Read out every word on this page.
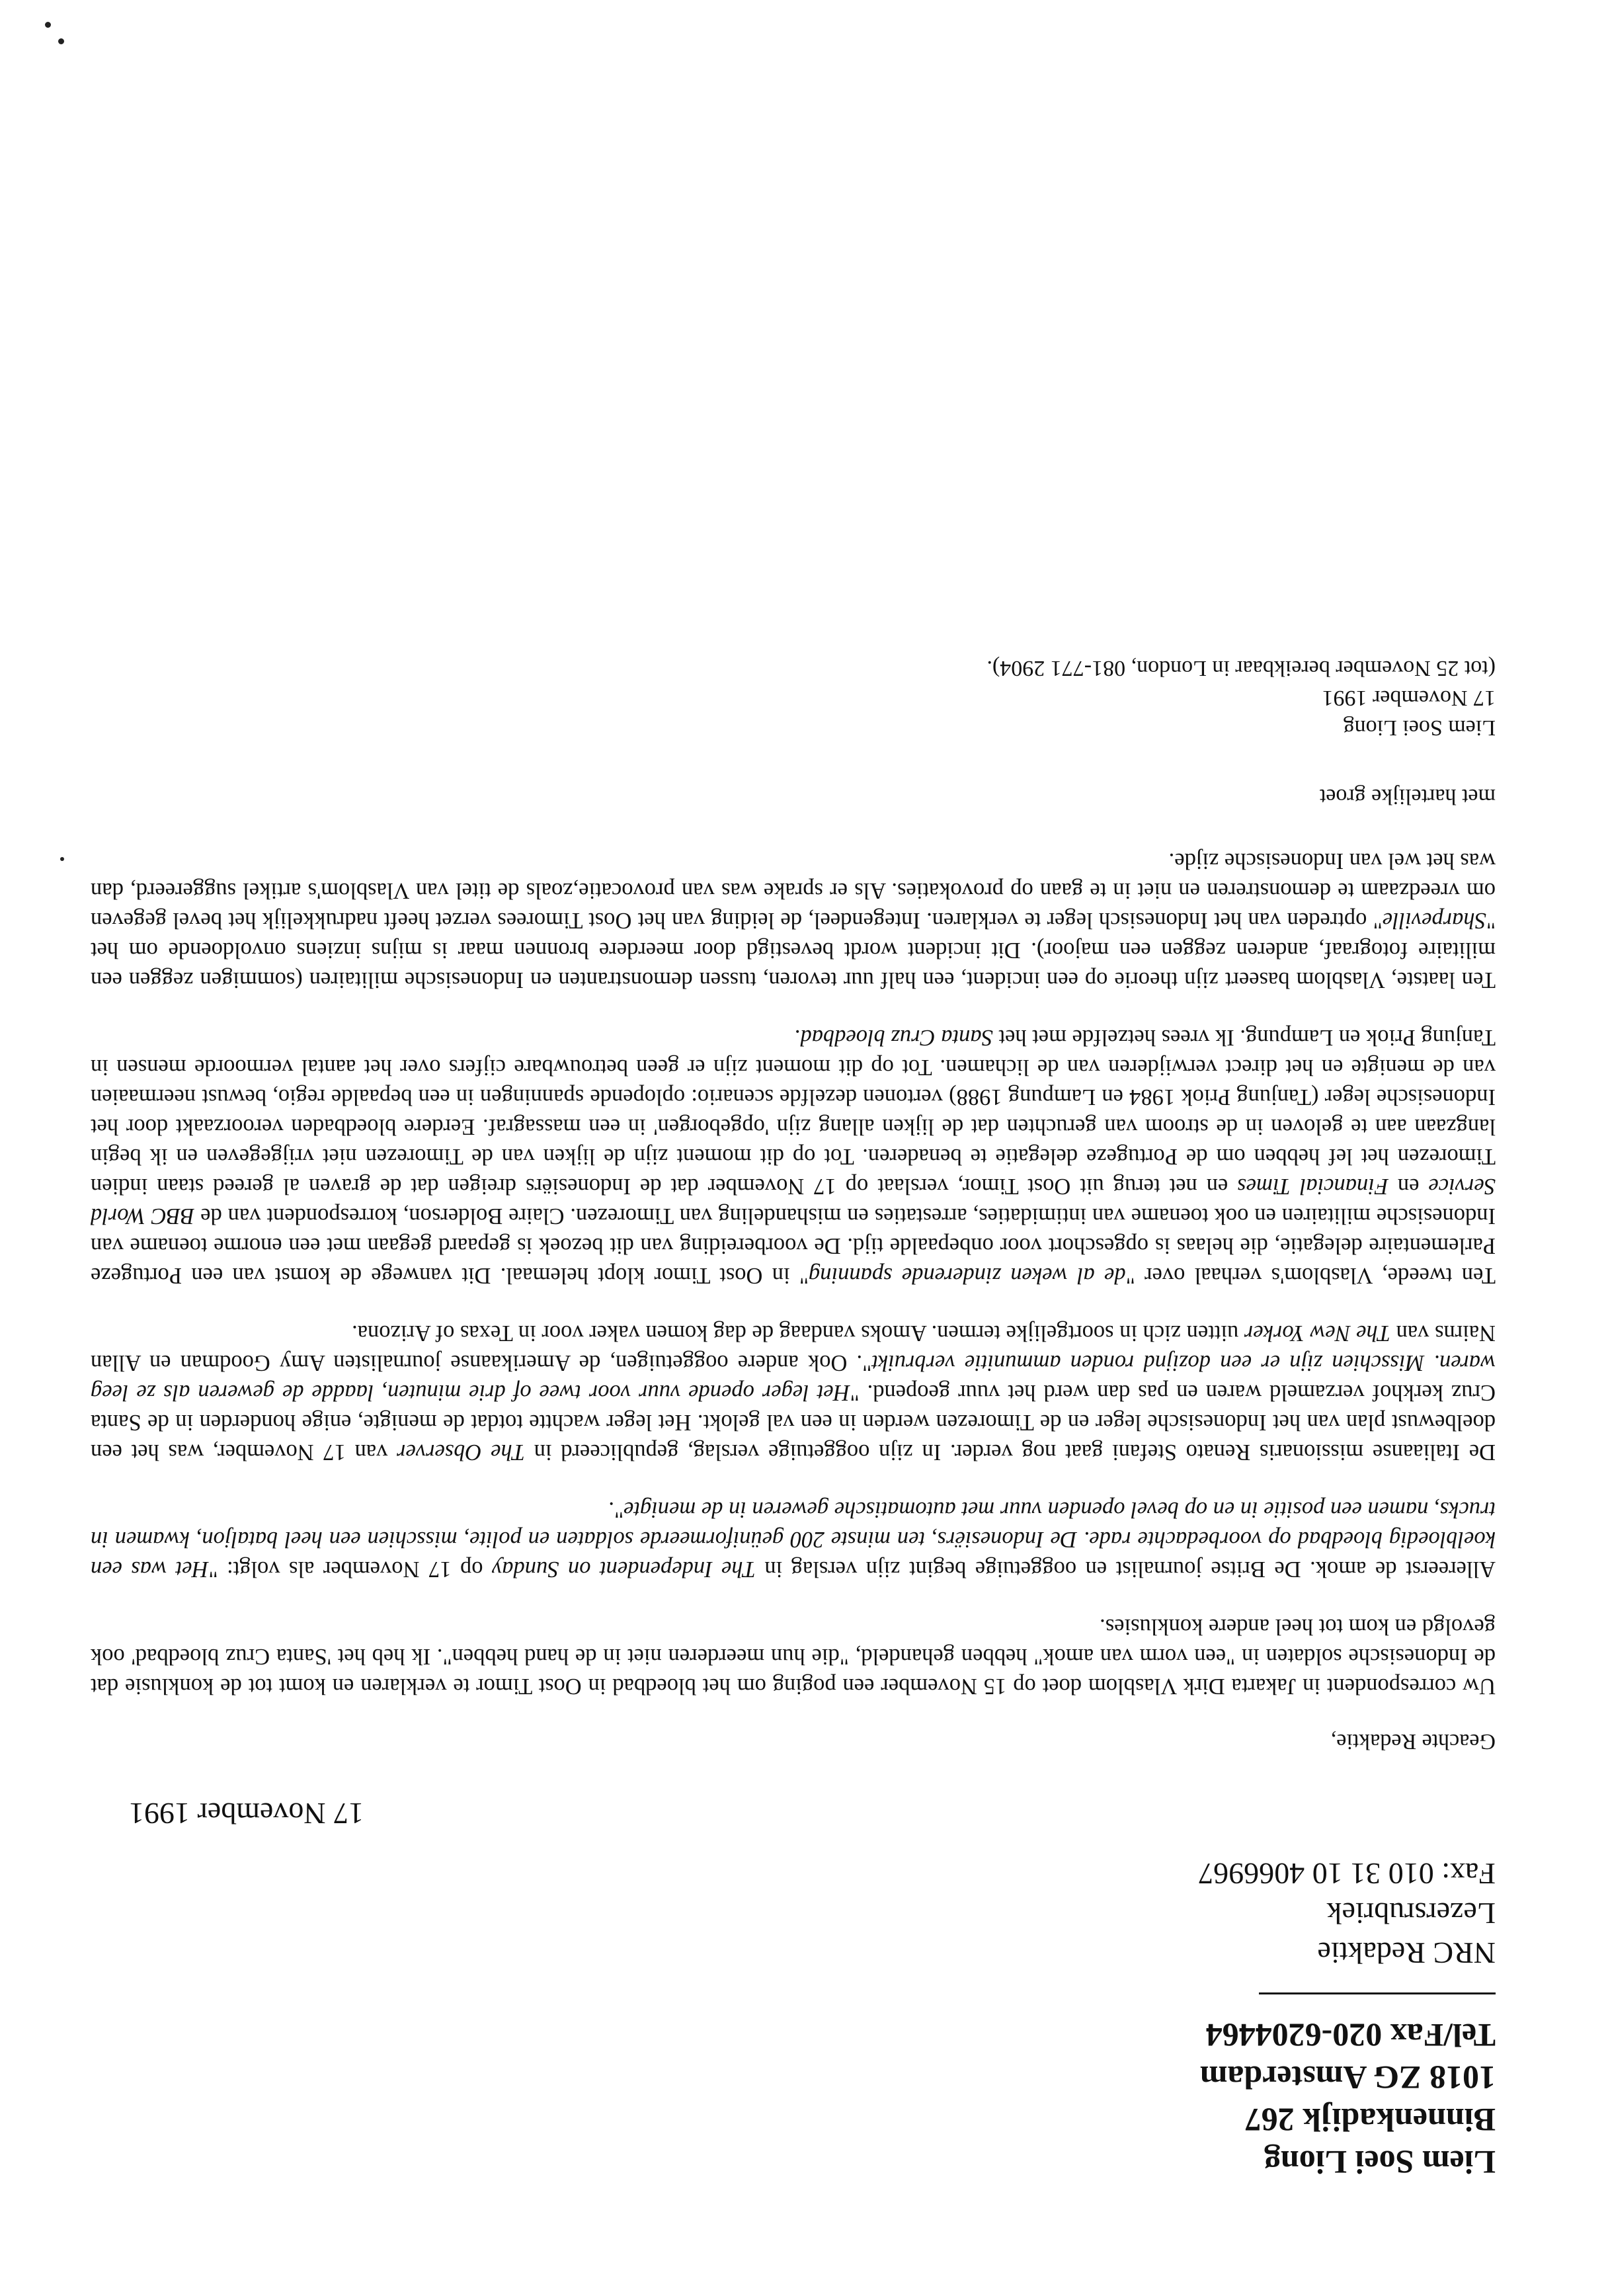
Liem Soei Liong
Binnenkadijk 267
1018 ZG Amsterdam
Tel/Fax 020-6204464
NRC Redaktie
Lezersrubriek
Fax: 010 31 10 4066967
17 November 1991
Geachte Redaktie,

Uw correspondent in Jakarta Dirk Vlasblom doet op 15 November een poging om het bloedbad in Oost Timor te verklaren en komt tot de konklusie dat de Indonesische soldaten in "een vorm van amok" hebben gehandeld, "die hun meerderen niet in de hand hebben". Ik heb het 'Santa Cruz bloedbad' ook gevolgd en kom tot heel andere konklusies.

Allereerst de amok. De Britse journalist en ooggetuige begint zijn verslag in The Independent on Sunday op 17 November als volgt: "Het was een koelbloedig bloedbad op voorbedachte rade. De Indonesiërs, ten minste 200 geüniformeerde soldaten en polite, misschien een heel bataljon, kwamen in trucks, namen een positie in en op bevel openden vuur met automatische geweren in de menigte".

De Italiaanse missionaris Renato Stefani gaat nog verder. In zijn ooggetuige verslag, gepubliceerd in The Observer van 17 November, was het een doelbewust plan van het Indonesische leger en de Timorezen werden in een val gelokt. Het leger wachtte totdat de menigte, enige honderden in de Santa Cruz kerkhof verzameld waren en pas dan werd het vuur geopend. "Het leger opende vuur voor twee of drie minuten, laadde de geweren als ze leeg waren. Misschien zijn er een dozijnd ronden ammunitie verbruikt". Ook andere ooggetuigen, de Amerikaanse journalisten Amy Goodman en Allan Nairns van The New Yorker uitten zich in soortgelijke termen. Amoks vandaag de dag komen vaker voor in Texas of Arizona.

Ten tweede, Vlasblom's verhaal over "de al weken zinderende spanning" in Oost Timor klopt helemaal. Dit vanwege de komst van een Portugeze Parlementaire delegatie, die helaas is opgeschort voor onbepaalde tijd. De voorbereiding van dit bezoek is gepaard gegaan met een enorme toename van Indonesische militairen en ook toename van intimidaties, arrestaties en mishandeling van Timorezen. Claire Bolderson, korrespondent van de BBC World Service en Financial Times en net terug uit Oost Timor, verslaat op 17 November dat de Indonesiërs dreigen dat de graven al gereed staan indien Timorezen het lef hebben om de Portugeze delegatie te benaderen. Tot op dit moment zijn de lijken van de Timorezen niet vrijgegeven en ik begin langzaan aan te geloven in de stroom van geruchten dat de lijken allang zijn 'opgeborgen' in een massagraf. Eerdere bloedbaden veroorzaakt door het Indonesische leger (Tanjung Priok 1984 en Lampung 1988) vertonen dezelfde scenario: oplopende spanningen in een bepaalde regio, bewust neermaaien van de menigte en het direct verwijderen van de lichamen. Tot op dit moment zijn er geen betrouwbare cijfers over het aantal vermoorde mensen in Tanjung Priok en Lampung. Ik vrees hetzelfde met het Santa Cruz bloedbad.

Ten laatste, Vlasblom baseert zijn theorie op een incident, een half uur tevoren, tussen demonstranten en Indonesische militairen (sommigen zeggen een militaire fotograaf, anderen zeggen een majoor). Dit incident wordt bevestigd door meerdere bronnen maar is mijns inziens onvoldoende om het "Sharpeville" optreden van het Indonesisch leger te verklaren. Integendeel, de leiding van het Oost Timorees verzet heeft nadrukkelijk het bevel gegeven om vreedzaam te demonstreren en niet in te gaan op provokaties. Als er sprake was van provocatie,zoals de titel van Vlasblom's artikel suggereerd, dan was het wel van Indonesische zijde.

met hartelijke groet
Liem Soei Liong
17 November 1991
(tot 25 November bereikbaar in London, 081-771 2904).
